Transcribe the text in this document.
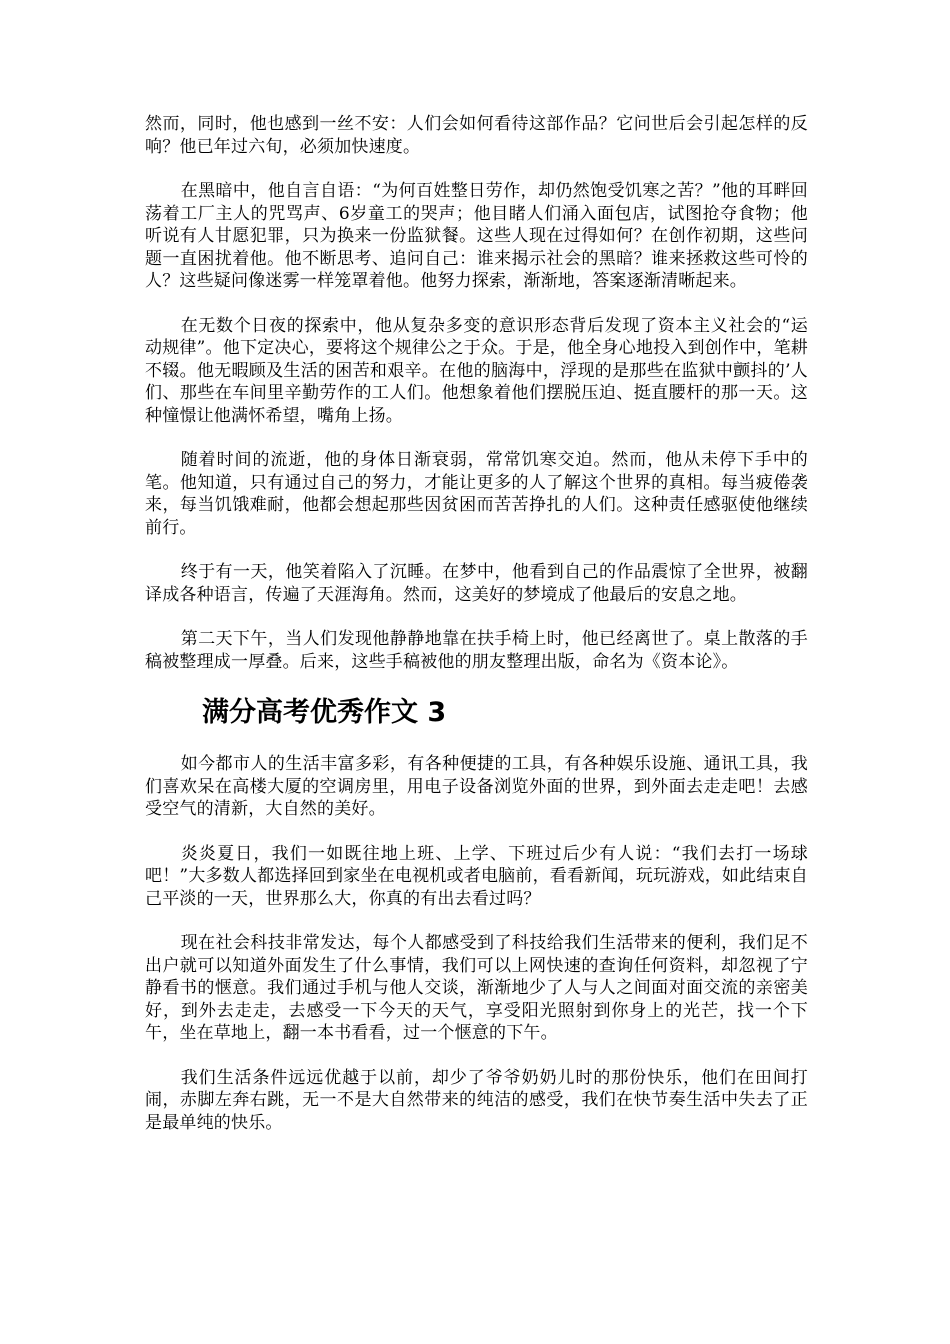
然而，同时，他也感到一丝不安：人们会如何看待这部作品？它问世后会引起怎样的反响？他已年过六旬，必须加快速度。

在黑暗中，他自言自语：“为何百姓整日劳作，却仍然饱受饥寒之苦？”他的耳畔回荡着工厂主人的咒骂声、6岁童工的哭声；他目睹人们涌入面包店，试图抢夺食物；他听说有人甘愿犯罪，只为换来一份监狱餐。这些人现在过得如何？在创作初期，这些问题一直困扰着他。他不断思考、追问自己：谁来揭示社会的黑暗？谁来拯救这些可怜的人？这些疑问像迷雾一样笼罩着他。他努力探索，渐渐地，答案逐渐清晰起来。

在无数个日夜的探索中，他从复杂多变的意识形态背后发现了资本主义社会的“运动规律”。他下定决心，要将这个规律公之于众。于是，他全身心地投入到创作中，笔耕不辍。他无暇顾及生活的困苦和艰辛。在他的脑海中，浮现的是那些在监狱中颤抖的’人们、那些在车间里辛勤劳作的工人们。他想象着他们摆脱压迫、挺直腰杆的那一天。这种憧憬让他满怀希望，嘴角上扬。

随着时间的流逝，他的身体日渐衰弱，常常饥寒交迫。然而，他从未停下手中的笔。他知道，只有通过自己的努力，才能让更多的人了解这个世界的真相。每当疲倦袭来，每当饥饿难耐，他都会想起那些因贫困而苦苦挣扎的人们。这种责任感驱使他继续前行。

终于有一天，他笑着陷入了沉睡。在梦中，他看到自己的作品震惊了全世界，被翻译成各种语言，传遍了天涯海角。然而，这美好的梦境成了他最后的安息之地。

第二天下午，当人们发现他静静地靠在扶手椅上时，他已经离世了。桌上散落的手稿被整理成一厚叠。后来，这些手稿被他的朋友整理出版，命名为《资本论》。

满分高考优秀作文 3

如今都市人的生活丰富多彩，有各种便捷的工具，有各种娱乐设施、通讯工具，我们喜欢呆在高楼大厦的空调房里，用电子设备浏览外面的世界，到外面去走走吧！去感受空气的清新，大自然的美好。

炎炎夏日，我们一如既往地上班、上学、下班过后少有人说：“我们去打一场球吧！”大多数人都选择回到家坐在电视机或者电脑前，看看新闻，玩玩游戏，如此结束自己平淡的一天，世界那么大，你真的有出去看过吗？

现在社会科技非常发达，每个人都感受到了科技给我们生活带来的便利，我们足不出户就可以知道外面发生了什么事情，我们可以上网快速的查询任何资料，却忽视了宁静看书的惬意。我们通过手机与他人交谈，渐渐地少了人与人之间面对面交流的亲密美好，到外去走走，去感受一下今天的天气，享受阳光照射到你身上的光芒，找一个下午，坐在草地上，翻一本书看看，过一个惬意的下午。

我们生活条件远远优越于以前，却少了爷爷奶奶儿时的那份快乐，他们在田间打闹，赤脚左奔右跳，无一不是大自然带来的纯洁的感受，我们在快节奏生活中失去了正是最单纯的快乐。
